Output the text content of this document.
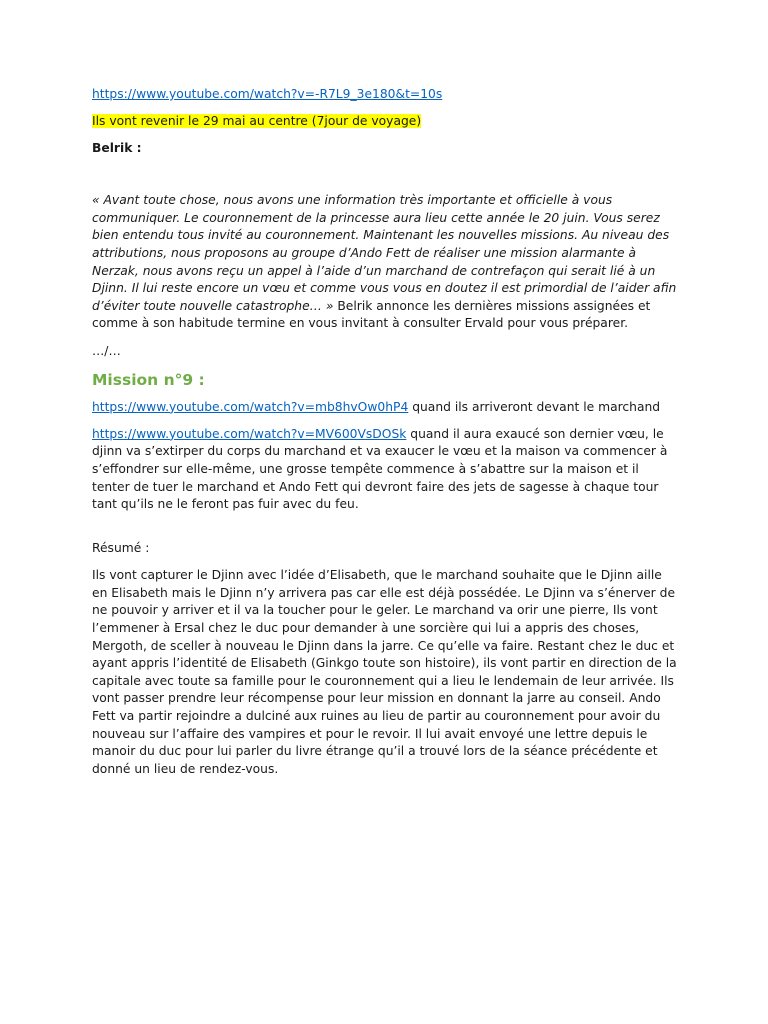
https://www.youtube.com/watch?v=-R7L9_3e180&t=10s

Ils vont revenir le 29 mai au centre (7jour de voyage)

Belrik :

« Avant toute chose, nous avons une information très importante et officielle à vous communiquer. Le couronnement de la princesse aura lieu cette année le 20 juin. Vous serez bien entendu tous invité au couronnement. Maintenant les nouvelles missions. Au niveau des attributions, nous proposons au groupe d’Ando Fett de réaliser une mission alarmante à Nerzak, nous avons reçu un appel à l’aide d’un marchand de contrefaçon qui serait lié à un Djinn. Il lui reste encore un vœu et comme vous vous en doutez il est primordial de l’aider afin d’éviter toute nouvelle catastrophe… » Belrik annonce les dernières missions assignées et comme à son habitude termine en vous invitant à consulter Ervald pour vous préparer.

…/…

Mission n°9 :

https://www.youtube.com/watch?v=mb8hvOw0hP4 quand ils arriveront devant le marchand

https://www.youtube.com/watch?v=MV600VsDOSk quand il aura exaucé son dernier vœu, le djinn va s’extirper du corps du marchand et va exaucer le vœu et la maison va commencer à s’effondrer sur elle-même, une grosse tempête commence à s’abattre sur la maison et il tenter de tuer le marchand et Ando Fett qui devront faire des jets de sagesse à chaque tour tant qu’ils ne le feront pas fuir avec du feu.

Résumé :

Ils vont capturer le Djinn avec l’idée d’Elisabeth, que le marchand souhaite que le Djinn aille en Elisabeth mais le Djinn n’y arrivera pas car elle est déjà possédée. Le Djinn va s’énerver de ne pouvoir y arriver et il va la toucher pour le geler. Le marchand va orir une pierre, Ils vont l’emmener à Ersal chez le duc pour demander à une sorcière qui lui a appris des choses, Mergoth, de sceller à nouveau le Djinn dans la jarre. Ce qu’elle va faire. Restant chez le duc et ayant appris l’identité de Elisabeth (Ginkgo toute son histoire), ils vont partir en direction de la capitale avec toute sa famille pour le couronnement qui a lieu le lendemain de leur arrivée. Ils vont passer prendre leur récompense pour leur mission en donnant la jarre au conseil. Ando Fett va partir rejoindre a dulciné aux ruines au lieu de partir au couronnement pour avoir du nouveau sur l’affaire des vampires et pour le revoir. Il lui avait envoyé une lettre depuis le manoir du duc pour lui parler du livre étrange qu’il a trouvé lors de la séance précédente et donné un lieu de rendez-vous.
